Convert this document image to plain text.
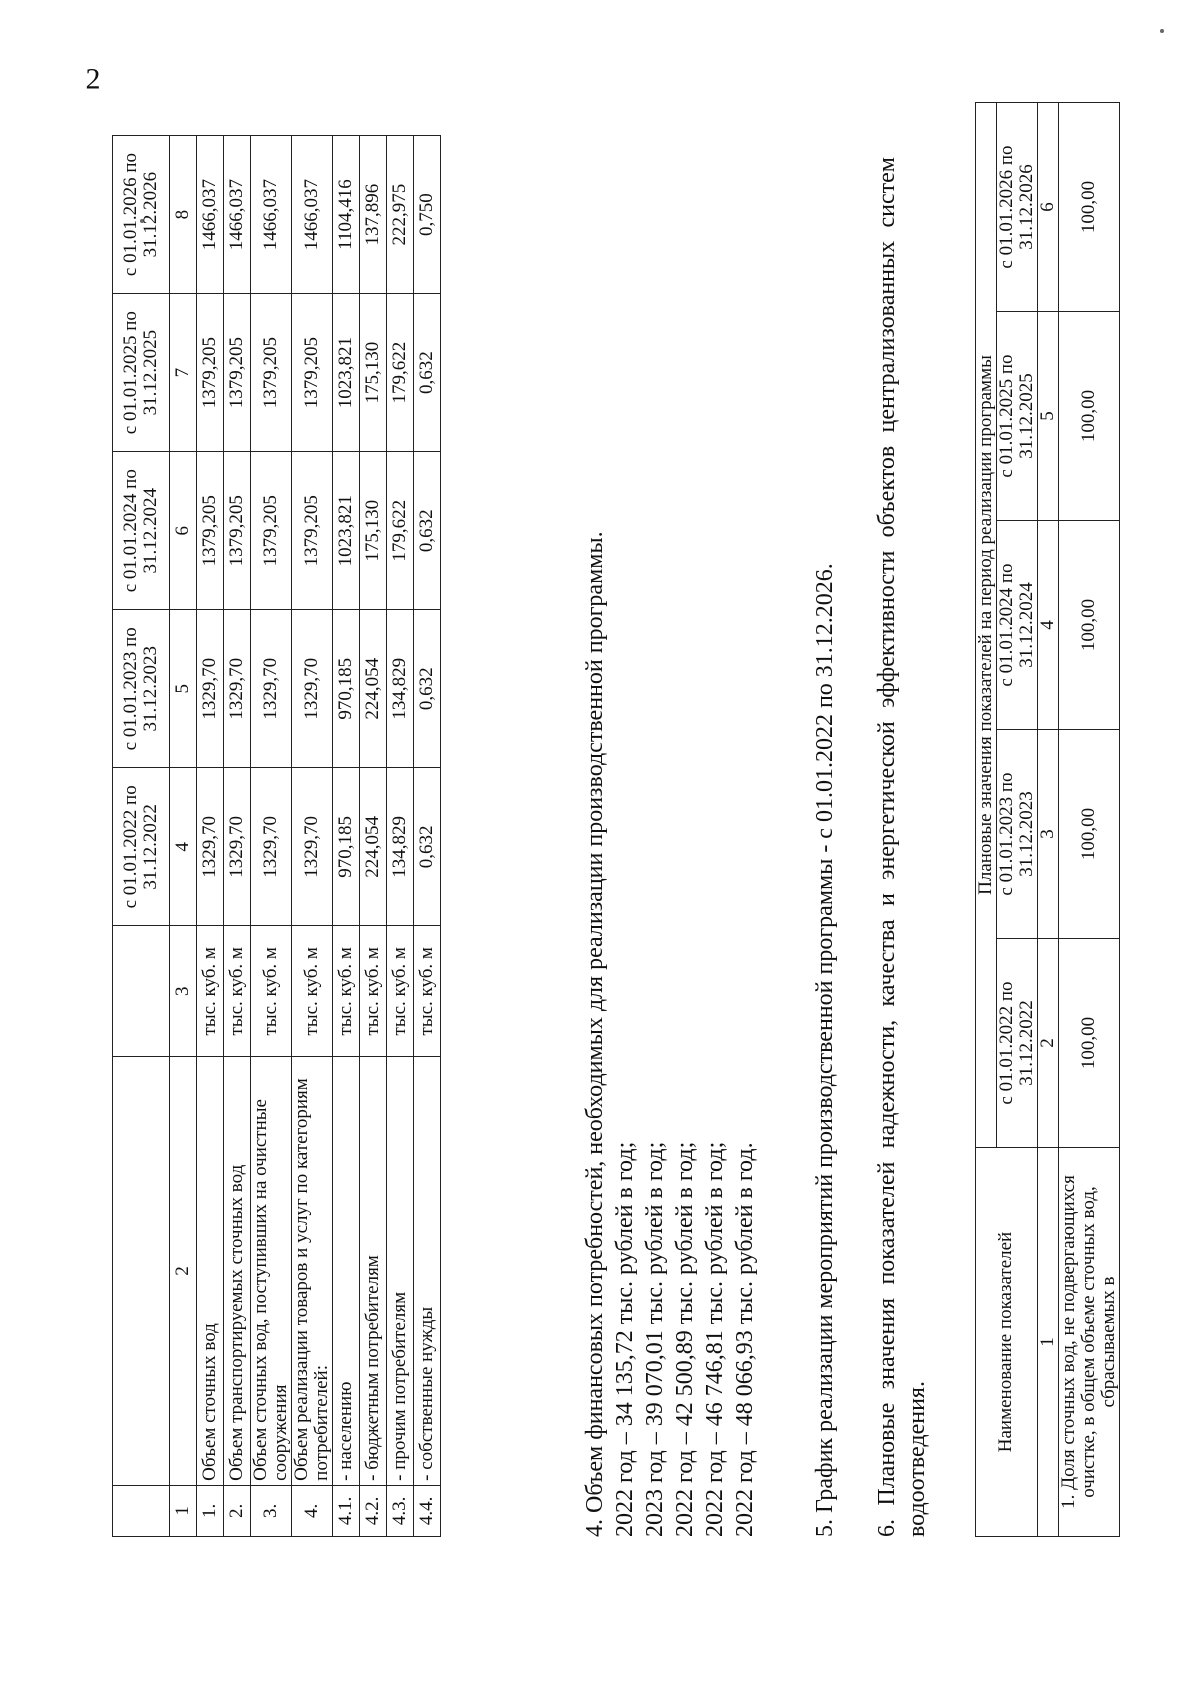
2
			с 01.01.2022 по 31.12.2022	с 01.01.2023 по 31.12.2023	с 01.01.2024 по 31.12.2024	с 01.01.2025 по 31.12.2025	с 01.01.2026 по 31.12.2026
1	2	3	4	5	6	7	8
1.	Объем сточных вод	тыс. куб. м	1329,70	1329,70	1379,205	1379,205	1466,037
2.	Объем транспортируемых сточных вод	тыс. куб. м	1329,70	1329,70	1379,205	1379,205	1466,037
3.	Объем сточных вод, поступивших на очистные сооружения	тыс. куб. м	1329,70	1329,70	1379,205	1379,205	1466,037
4.	Объем реализации товаров и услуг по категориям потребителей:	тыс. куб. м	1329,70	1329,70	1379,205	1379,205	1466,037
4.1.	- населению	тыс. куб. м	970,185	970,185	1023,821	1023,821	1104,416
4.2.	- бюджетным потребителям	тыс. куб. м	224,054	224,054	175,130	175,130	137,896
4.3.	- прочим потребителям	тыс. куб. м	134,829	134,829	179,622	179,622	222,975
4.4.	- собственные нужды	тыс. куб. м	0,632	0,632	0,632	0,632	0,750
4. Объем финансовых потребностей, необходимых для реализации производственной программы. 2022 год – 34 135,72 тыс. рублей в год; 2023 год – 39 070,01 тыс. рублей в год; 2022 год – 42 500,89 тыс. рублей в год; 2022 год – 46 746,81 тыс. рублей в год; 2022 год – 48 066,93 тыс. рублей в год. 5. График реализации мероприятий производственной программы - с 01.01.2022 по 31.12.2026. 6. Плановые значения показателей надежности, качества и энергетической эффективности объектов централизованных систем водоотведения.
Наименование показателей	Плановые значения показателей на период реализации программы				
	с 01.01.2022 по 31.12.2022	с 01.01.2023 по 31.12.2023	с 01.01.2024 по 31.12.2024	с 01.01.2025 по 31.12.2025	с 01.01.2026 по 31.12.2026
1	2	3	4	5	6
1. Доля сточных вод, не подвергающихся очистке, в общем объеме сточных вод, сбрасываемых в	100,00	100,00	100,00	100,00	100,00
